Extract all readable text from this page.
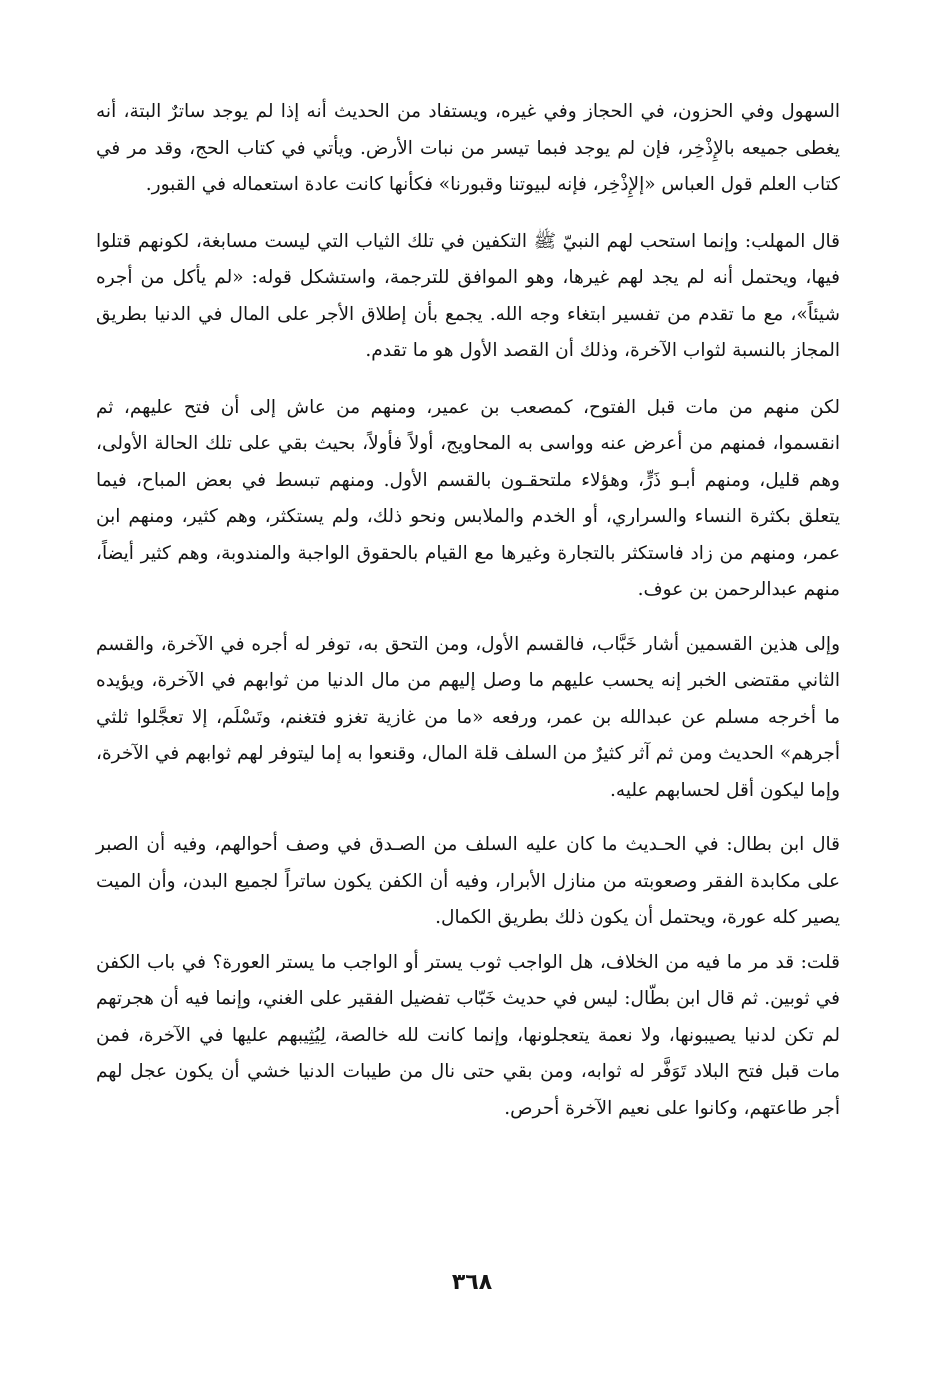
السهول وفي الحزون، في الحجاز وفي غيره، ويستفاد من الحديث أنه إذا لم يوجد ساترٌ البتة، أنه يغطى جميعه بالإِذْخِر، فإن لم يوجد فبما تيسر من نبات الأرض. ويأتي في كتاب الحج، وقد مر في كتاب العلم قول العباس «إلإِذْخِر، فإنه لبيوتنا وقبورنا» فكأنها كانت عادة استعماله في القبور.

قال المهلب: وإنما استحب لهم النبيّ ﷺ التكفين في تلك الثياب التي ليست مسابغة، لكونهم قتلوا فيها، ويحتمل أنه لم يجد لهم غيرها، وهو الموافق للترجمة، واستشكل قوله: «لم يأكل من أجره شيئاً»، مع ما تقدم من تفسير ابتغاء وجه الله. يجمع بأن إطلاق الأجر على المال في الدنيا بطريق المجاز بالنسبة لثواب الآخرة، وذلك أن القصد الأول هو ما تقدم.

لكن منهم من مات قبل الفتوح، كمصعب بن عمير، ومنهم من عاش إلى أن فتح عليهم، ثم انقسموا، فمنهم من أعرض عنه وواسى به المحاويج، أولاً فأولاً، بحيث بقي على تلك الحالة الأولى، وهم قليل، ومنهم أبـو ذَرٍّ، وهؤلاء ملتحقـون بالقسم الأول. ومنهم تبسط في بعض المباح، فيما يتعلق بكثرة النساء والسراري، أو الخدم والملابس ونحو ذلك، ولم يستكثر، وهم كثير، ومنهم ابن عمر، ومنهم من زاد فاستكثر بالتجارة وغيرها مع القيام بالحقوق الواجبة والمندوبة، وهم كثير أيضاً، منهم عبدالرحمن بن عوف.

وإلى هذين القسمين أشار خَبَّاب، فالقسم الأول، ومن التحق به، توفر له أجره في الآخرة، والقسم الثاني مقتضى الخبر إنه يحسب عليهم ما وصل إليهم من مال الدنيا من ثوابهم في الآخرة، ويؤيده ما أخرجه مسلم عن عبدالله بن عمر، ورفعه «ما من غازية تغزو فتغنم، وتَسْلَم، إلا تعجَّلوا ثلثي أجرهم» الحديث ومن ثم آثر كثيرٌ من السلف قلة المال، وقنعوا به إما ليتوفر لهم ثوابهم في الآخرة، وإما ليكون أقل لحسابهم عليه.

قال ابن بطال: في الحـديث ما كان عليه السلف من الصـدق في وصف أحوالهم، وفيه أن الصبر على مكابدة الفقر وصعوبته من منازل الأبرار، وفيه أن الكفن يكون ساتراً لجميع البدن، وأن الميت يصير كله عورة، ويحتمل أن يكون ذلك بطريق الكمال.

قلت: قد مر ما فيه من الخلاف، هل الواجب ثوب يستر أو الواجب ما يستر العورة؟ في باب الكفن في ثوبين. ثم قال ابن بطّال: ليس في حديث خَبّاب تفضيل الفقير على الغني، وإنما فيه أن هجرتهم لم تكن لدنيا يصيبونها، ولا نعمة يتعجلونها، وإنما كانت لله خالصة، لِيُثِيبهم عليها في الآخرة، فمن مات قبل فتح البلاد تَوَفَّر له ثوابه، ومن بقي حتى نال من طيبات الدنيا خشي أن يكون عجل لهم أجر طاعتهم، وكانوا على نعيم الآخرة أحرص.

٣٦٨
